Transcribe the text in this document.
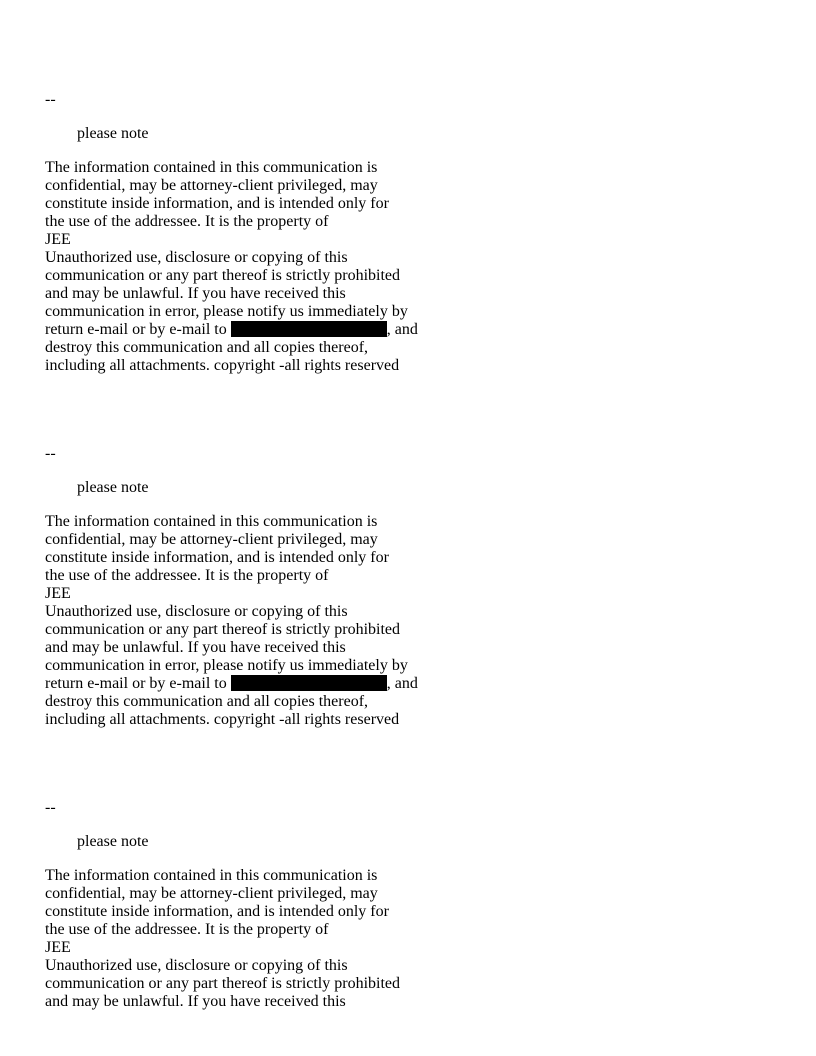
--
please note
The information contained in this communication is
confidential, may be attorney-client privileged, may
constitute inside information, and is intended only for
the use of the addressee. It is the property of
JEE
Unauthorized use, disclosure or copying of this
communication or any part thereof is strictly prohibited
and may be unlawful. If you have received this
communication in error, please notify us immediately by
return e-mail or by e-mail to	, and
destroy this communication and all copies thereof,
including all attachments. copyright -all rights reserved
--
please note
The information contained in this communication is
confidential, may be attorney-client privileged, may
constitute inside information, and is intended only for
the use of the addressee. It is the property of
JEE
Unauthorized use, disclosure or copying of this
communication or any part thereof is strictly prohibited
and may be unlawful. If you have received this
communication in error, please notify us immediately by
return e-mail or by e-mail to	, and
destroy this communication and all copies thereof,
including all attachments. copyright -all rights reserved
--
please note
The information contained in this communication is
confidential, may be attorney-client privileged, may
constitute inside information, and is intended only for
the use of the addressee. It is the property of
JEE
Unauthorized use, disclosure or copying of this
communication or any part thereof is strictly prohibited
and may be unlawful. If you have received this
